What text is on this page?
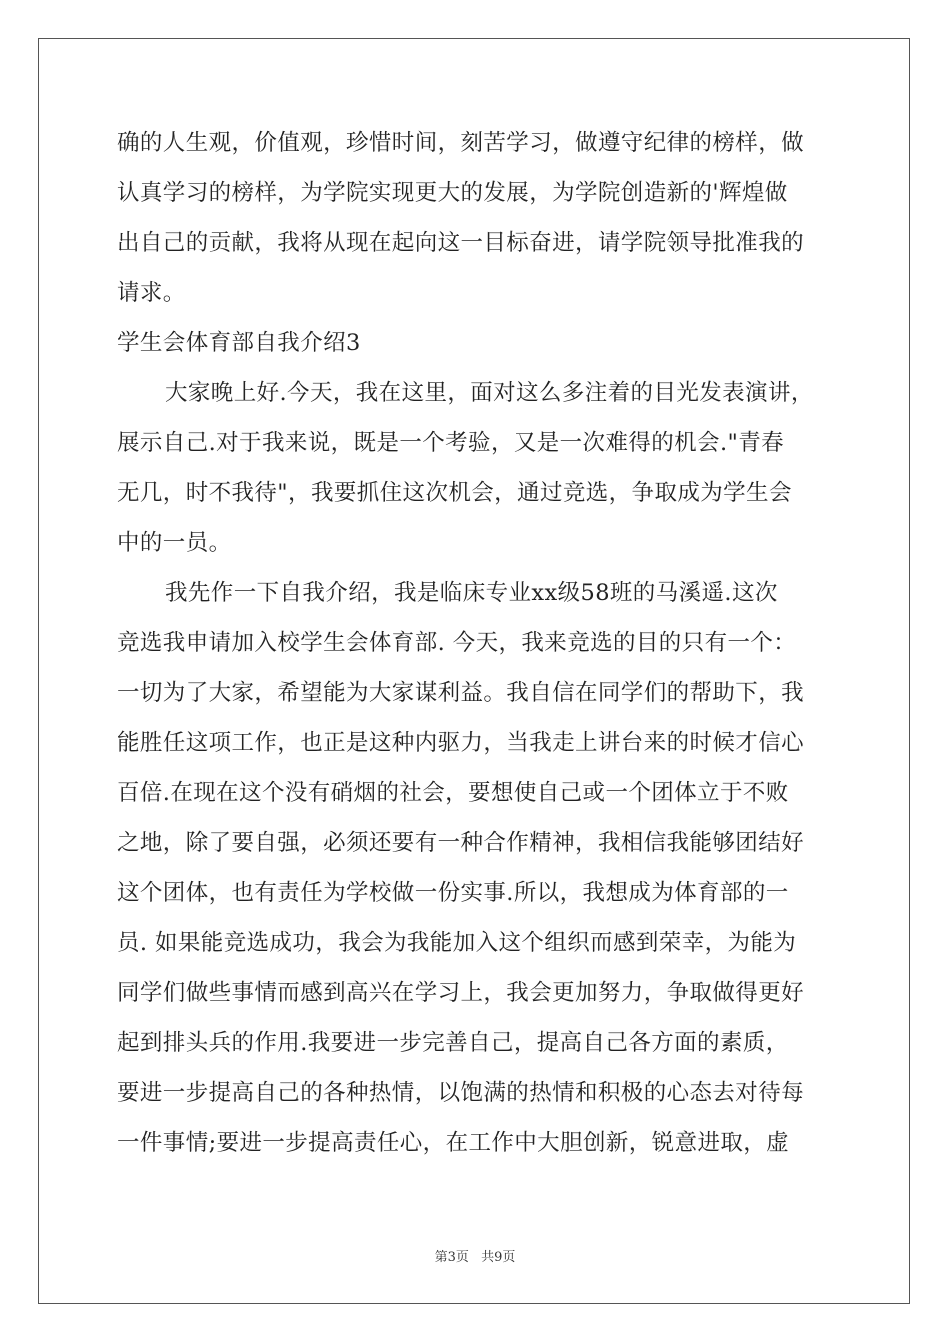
确的人生观，价值观，珍惜时间，刻苦学习，做遵守纪律的榜样，做
认真学习的榜样，为学院实现更大的发展，为学院创造新的'辉煌做
出自己的贡献，我将从现在起向这一目标奋进，请学院领导批准我的
请求。
学生会体育部自我介绍3
大家晚上好.今天，我在这里，面对这么多注着的目光发表演讲，
展示自己.对于我来说，既是一个考验，又是一次难得的机会."青春
无几，时不我待"，我要抓住这次机会，通过竞选，争取成为学生会
中的一员。
我先作一下自我介绍，我是临床专业xx级58班的马溪遥.这次
竞选我申请加入校学生会体育部. 今天，我来竞选的目的只有一个：
一切为了大家，希望能为大家谋利益。我自信在同学们的帮助下，我
能胜任这项工作，也正是这种内驱力，当我走上讲台来的时候才信心
百倍.在现在这个没有硝烟的社会，要想使自己或一个团体立于不败
之地，除了要自强，必须还要有一种合作精神，我相信我能够团结好
这个团体，也有责任为学校做一份实事.所以，我想成为体育部的一
员. 如果能竞选成功，我会为我能加入这个组织而感到荣幸，为能为
同学们做些事情而感到高兴在学习上，我会更加努力，争取做得更好
起到排头兵的作用.我要进一步完善自己，提高自己各方面的素质，
要进一步提高自己的各种热情，以饱满的热情和积极的心态去对待每
一件事情;要进一步提高责任心，在工作中大胆创新，锐意进取，虚
第3页 共9页
